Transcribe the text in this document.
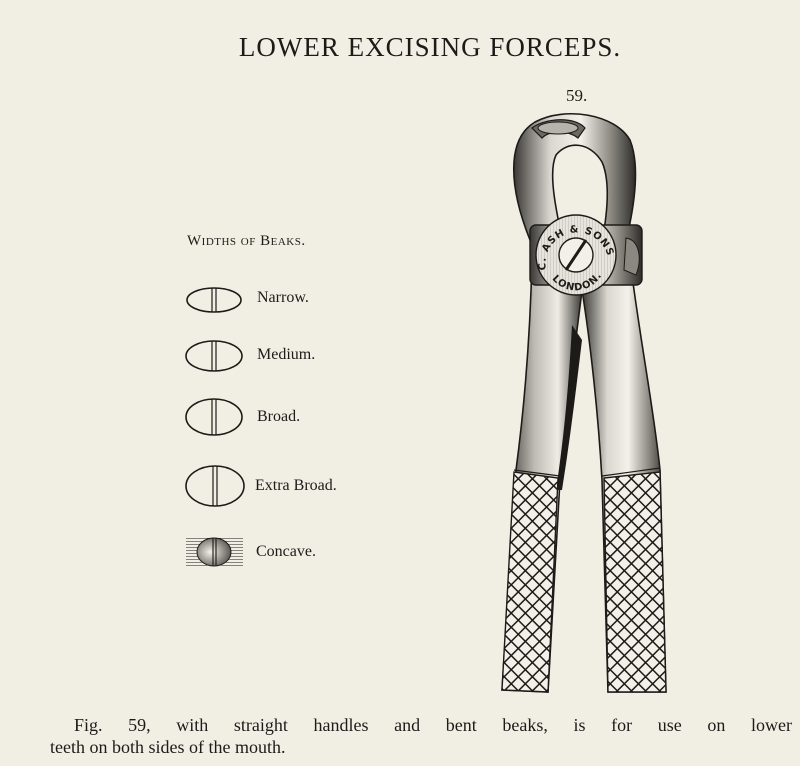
LOWER EXCISING FORCEPS.
59.
Widths of Beaks.
Narrow.
Medium.
Broad.
Extra Broad.
Concave.
C. ASH & SONS
LONDON.
Fig. 59, with straight handles and bent beaks, is for use on lower
teeth on both sides of the mouth.
